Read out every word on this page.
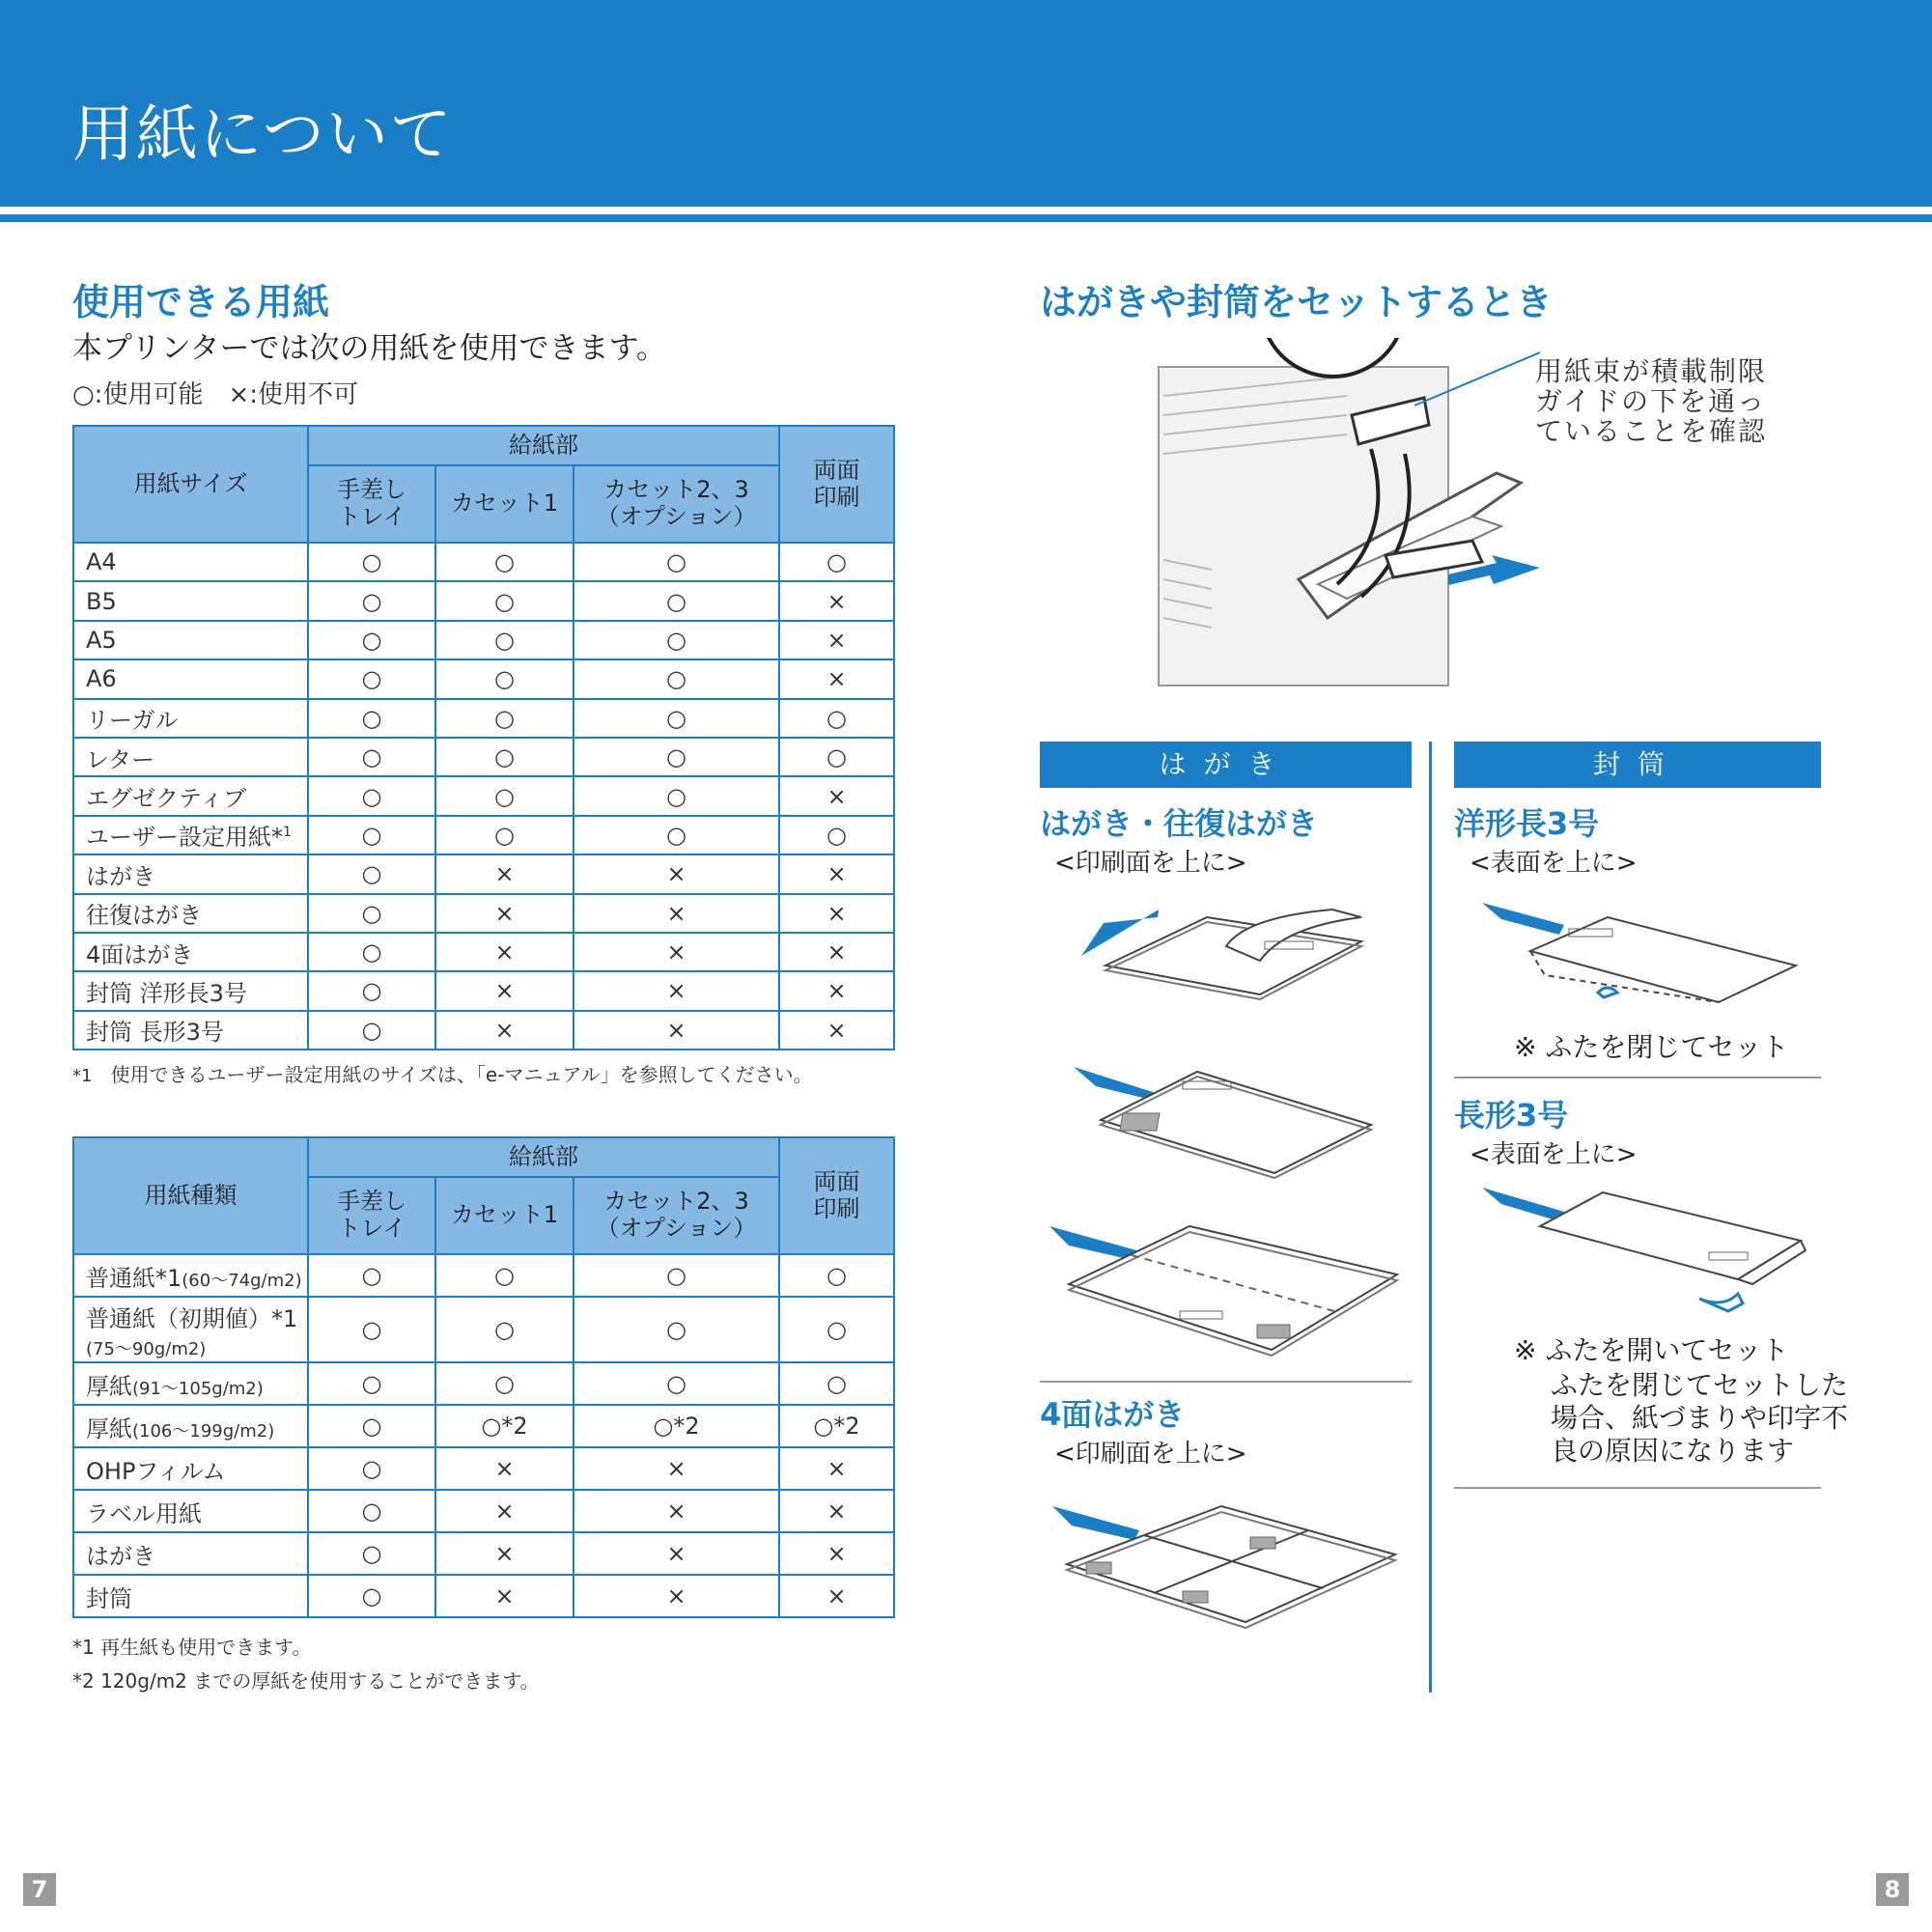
用紙について
使用できる用紙
本プリンターでは次の用紙を使用できます。
○:使用可能　×:使用不可
用紙サイズ	給紙部			両面
印刷
	手差し
トレイ	カセット1	カセット2、3
（オプション）	
A4	○	○	○	○
B5	○	○	○	×
A5	○	○	○	×
A6	○	○	○	×
リーガル	○	○	○	○
レター	○	○	○	○
エグゼクティブ	○	○	○	×
ユーザー設定用紙*$^1$	○	○	○	○
はがき	○	×	×	×
往復はがき	○	×	×	×
4面はがき	○	×	×	×
封筒 洋形長3号	○	×	×	×
封筒 長形3号	○	×	×	×
*1 使用できるユーザー設定用紙のサイズは、「e-マニュアル」を参照してください。
用紙種類	給紙部			両面
印刷
	手差し
トレイ	カセット1	カセット2、3
（オプション）	
普通紙*1(60～74g/m2)	○	○	○	○
普通紙（初期値）*1
(75～90g/m2)	○	○	○	○
厚紙(91～105g/m2)	○	○	○	○
厚紙(106～199g/m2)	○	○*2	○*2	○*2
OHPフィルム	○	×	×	×
ラベル用紙	○	×	×	×
はがき	○	×	×	×
封筒	○	×	×	×
*1 再生紙も使用できます。
*2 120g/m2 までの厚紙を使用することができます。
はがきや封筒をセットするとき
用紙束が積載制限ガイドの下を通っていることを確認
はがき	封筒
はがき・往復はがき
<印刷面を上に>
4面はがき
<印刷面を上に>
洋形長3号
<表面を上に>
※ ふたを閉じてセット
長形3号
<表面を上に>
※ ふたを開いてセット
ふたを閉じてセットした
場合、紙づまりや印字不
良の原因になります
7	8
